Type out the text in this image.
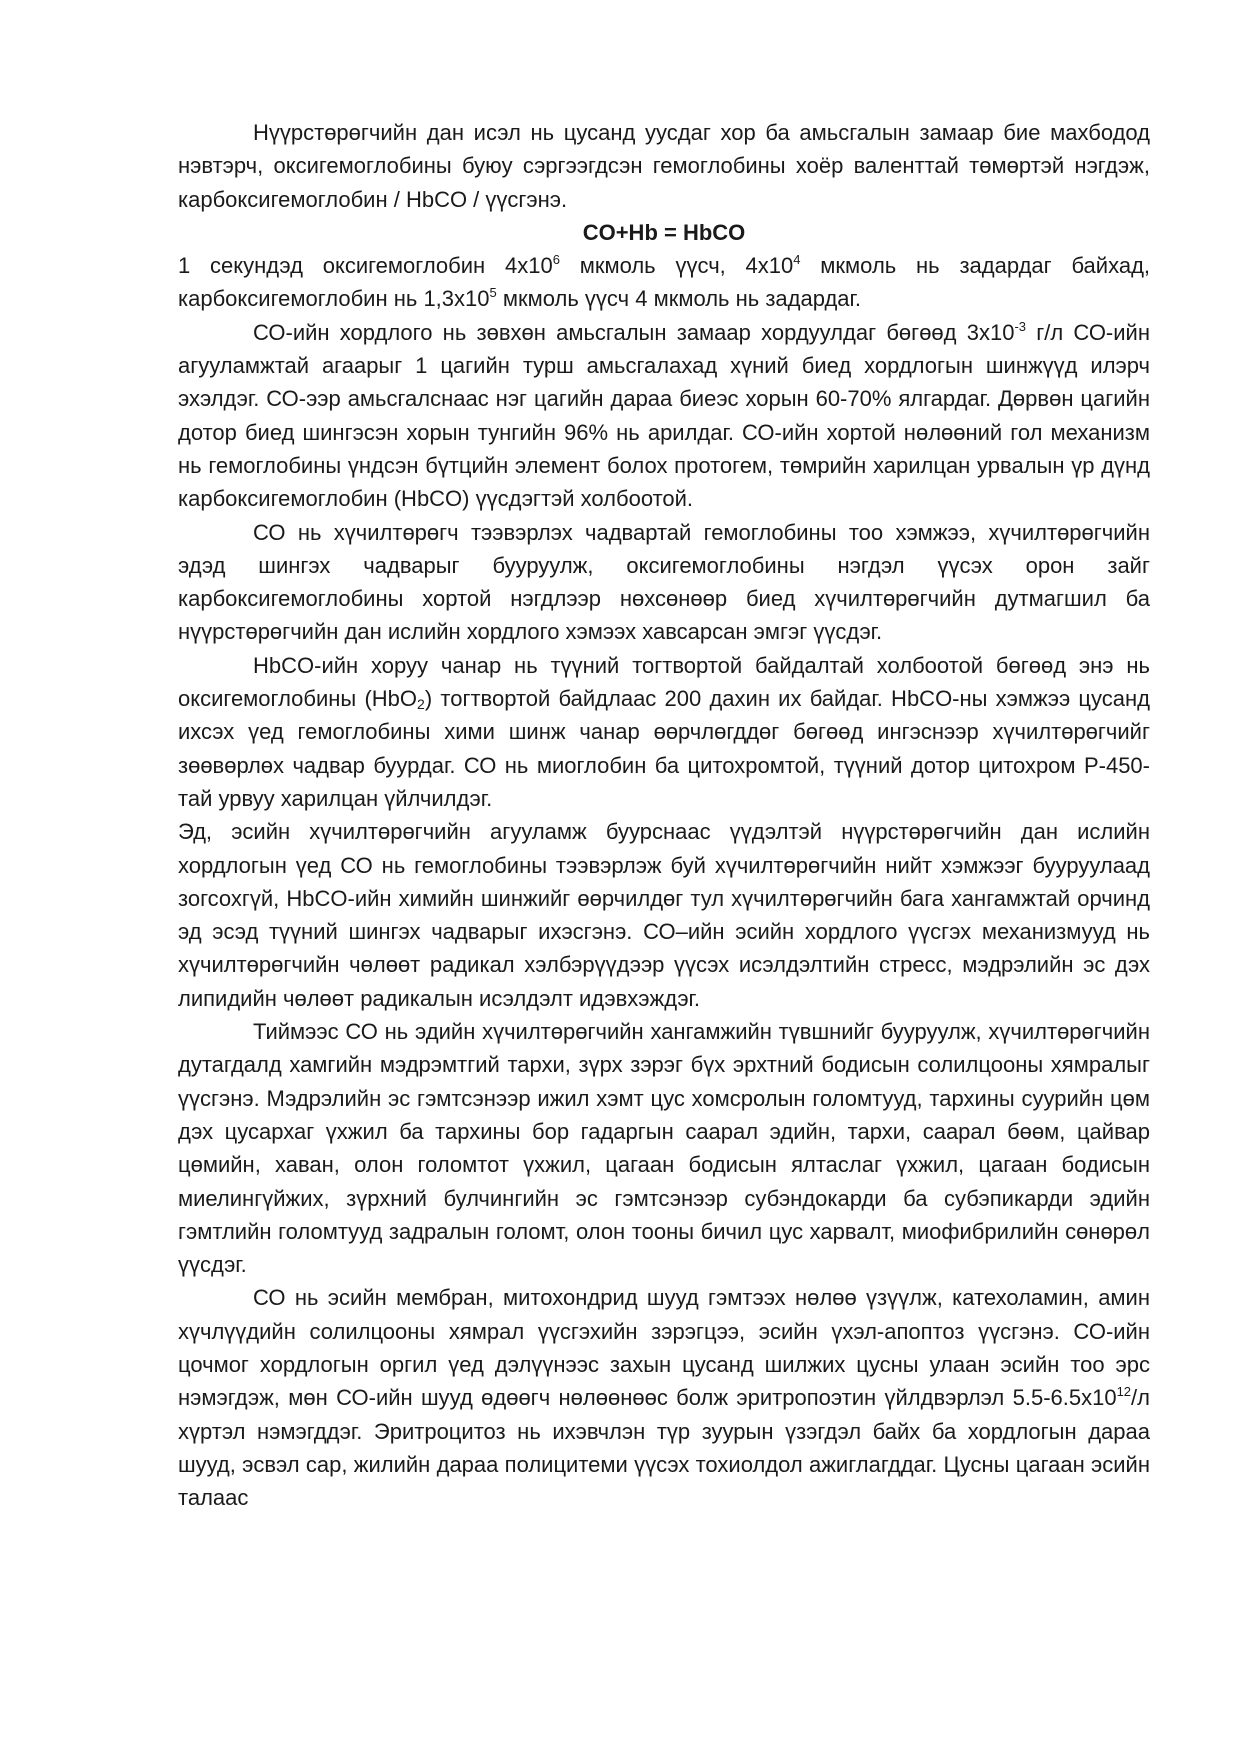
Нүүрстөрөгчийн дан исэл нь цусанд уусдаг хор ба амьсгалын замаар бие махбодод нэвтэрч, оксигемоглобины буюу сэргээгдсэн гемоглобины хоёр валенттай төмөртэй нэгдэж, карбоксигемоглобин / HbCO / үүсгэнэ.

CO+Hb = HbCO

1 секундэд оксигемоглобин $4x10^6$ мкмоль үүсч, $4x10^4$ мкмоль нь задардаг байхад, карбоксигемоглобин нь $1,3x10^5$ мкмоль үүсч 4 мкмоль нь задардаг.

СО-ийн хордлого нь зөвхөн амьсгалын замаар хордуулдаг бөгөөд $3x10^{-3}$ г/л СО-ийн агууламжтай агаарыг 1 цагийн турш амьсгалахад хүний биед хордлогын шинжүүд илэрч эхэлдэг. СО-ээр амьсгалснаас нэг цагийн дараа биеэс хорын 60-70% ялгардаг. Дөрвөн цагийн дотор биед шингэсэн хорын тунгийн 96% нь арилдаг. СО-ийн хортой нөлөөний гол механизм нь гемоглобины үндсэн бүтцийн элемент болох протогем, төмрийн харилцан урвалын үр дүнд карбоксигемоглобин (HbCO) үүсдэгтэй холбоотой.

СО нь хүчилтөрөгч тээвэрлэх чадвартай гемоглобины тоо хэмжээ, хүчилтөрөгчийн эдэд шингэх чадварыг бууруулж, оксигемоглобины нэгдэл үүсэх орон зайг карбоксигемоглобины хортой нэгдлээр нөхсөнөөр биед хүчилтөрөгчийн дутмагшил ба нүүрстөрөгчийн дан ислийн хордлого хэмээх хавсарсан эмгэг үүсдэг.

HbCO-ийн хоруу чанар нь түүний тогтвортой байдалтай холбоотой бөгөөд энэ нь оксигемоглобины (HbO$_2$) тогтвортой байдлаас 200 дахин их байдаг. HbCO-ны хэмжээ цусанд ихсэх үед гемоглобины хими шинж чанар өөрчлөгддөг бөгөөд ингэснээр хүчилтөрөгчийг зөөвөрлөх чадвар буурдаг. СО нь миоглобин ба цитохромтой, түүний дотор цитохром Р-450-тай урвуу харилцан үйлчилдэг.

Эд, эсийн хүчилтөрөгчийн агууламж буурснаас үүдэлтэй нүүрстөрөгчийн дан ислийн хордлогын үед СО нь гемоглобины тээвэрлэж буй хүчилтөрөгчийн нийт хэмжээг бууруулаад зогсохгүй, HbCO-ийн химийн шинжийг өөрчилдөг тул хүчилтөрөгчийн бага хангамжтай орчинд эд эсэд түүний шингэх чадварыг ихэсгэнэ. СО–ийн эсийн хордлого үүсгэх механизмууд нь хүчилтөрөгчийн чөлөөт радикал хэлбэрүүдээр үүсэх исэлдэлтийн стресс, мэдрэлийн эс дэх липидийн чөлөөт радикалын исэлдэлт идэвхэждэг.

Тиймээс СО нь эдийн хүчилтөрөгчийн хангамжийн түвшнийг бууруулж, хүчилтөрөгчийн дутагдалд хамгийн мэдрэмтгий тархи, зүрх зэрэг бүх эрхтний бодисын солилцооны хямралыг үүсгэнэ. Мэдрэлийн эс гэмтсэнээр ижил хэмт цус хомсролын голомтууд, тархины суурийн цөм дэх цусархаг үхжил ба тархины бор гадаргын саарал эдийн, тархи, саарал бөөм, цайвар цөмийн, хаван, олон голомтот үхжил, цагаан бодисын ялтаслаг үхжил, цагаан бодисын миелингүйжих, зүрхний булчингийн эс гэмтсэнээр субэндокарди ба субэпикарди эдийн гэмтлийн голомтууд задралын голомт, олон тооны бичил цус харвалт, миофибрилийн сөнөрөл үүсдэг.

СО нь эсийн мембран, митохондрид шууд гэмтээх нөлөө үзүүлж, катехоламин, амин хүчлүүдийн солилцооны хямрал үүсгэхийн зэрэгцээ, эсийн үхэл-апоптоз үүсгэнэ. СО-ийн цочмог хордлогын оргил үед дэлүүнээс захын цусанд шилжих цусны улаан эсийн тоо эрс нэмэгдэж, мөн СО-ийн шууд өдөөгч нөлөөнөөс болж эритропоэтин үйлдвэрлэл $5.5-6.5x10^{12}/л$ хүртэл нэмэгддэг. Эритроцитоз нь ихэвчлэн түр зуурын үзэгдэл байх ба хордлогын дараа шууд, эсвэл сар, жилийн дараа полицитеми үүсэх тохиолдол ажиглагддаг. Цусны цагаан эсийн талаас
